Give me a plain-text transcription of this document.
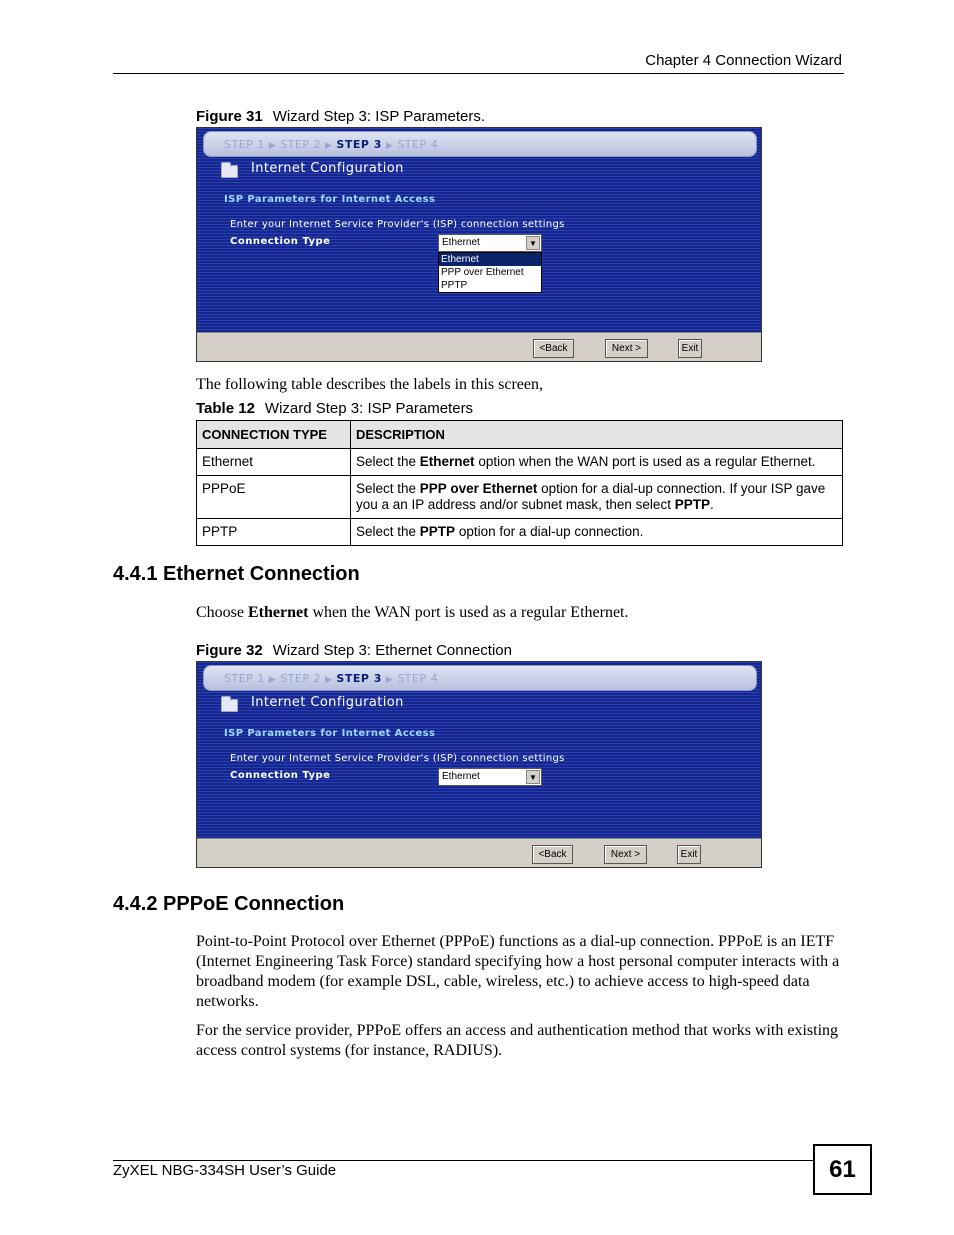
Chapter 4 Connection Wizard
Figure 31 Wizard Step 3: ISP Parameters.
STEP 1 ▶ STEP 2 ▶ STEP 3 ▶ STEP 4
Internet Configuration
ISP Parameters for Internet Access
Enter your Internet Service Provider's (ISP) connection settings
Connection Type	Ethernet	▼
Ethernet
PPP over Ethernet
PPTP
<Back	Next >	Exit
The following table describes the labels in this screen,
Table 12 Wizard Step 3: ISP Parameters
CONNECTION TYPE	DESCRIPTION
Ethernet	Select the Ethernet option when the WAN port is used as a regular Ethernet.
PPPoE	Select the PPP over Ethernet option for a dial-up connection. If your ISP gave you a an IP address and/or subnet mask, then select PPTP.
PPTP	Select the PPTP option for a dial-up connection.
4.4.1 Ethernet Connection
Choose Ethernet when the WAN port is used as a regular Ethernet.
Figure 32 Wizard Step 3: Ethernet Connection
STEP 1 ▶ STEP 2 ▶ STEP 3 ▶ STEP 4
Internet Configuration
ISP Parameters for Internet Access
Enter your Internet Service Provider's (ISP) connection settings
Connection Type	Ethernet	▼
<Back	Next >	Exit
4.4.2 PPPoE Connection
Point-to-Point Protocol over Ethernet (PPPoE) functions as a dial-up connection. PPPoE is an IETF (Internet Engineering Task Force) standard specifying how a host personal computer interacts with a broadband modem (for example DSL, cable, wireless, etc.) to achieve access to high-speed data networks.
For the service provider, PPPoE offers an access and authentication method that works with existing access control systems (for instance, RADIUS).
ZyXEL NBG-334SH User’s Guide	61
